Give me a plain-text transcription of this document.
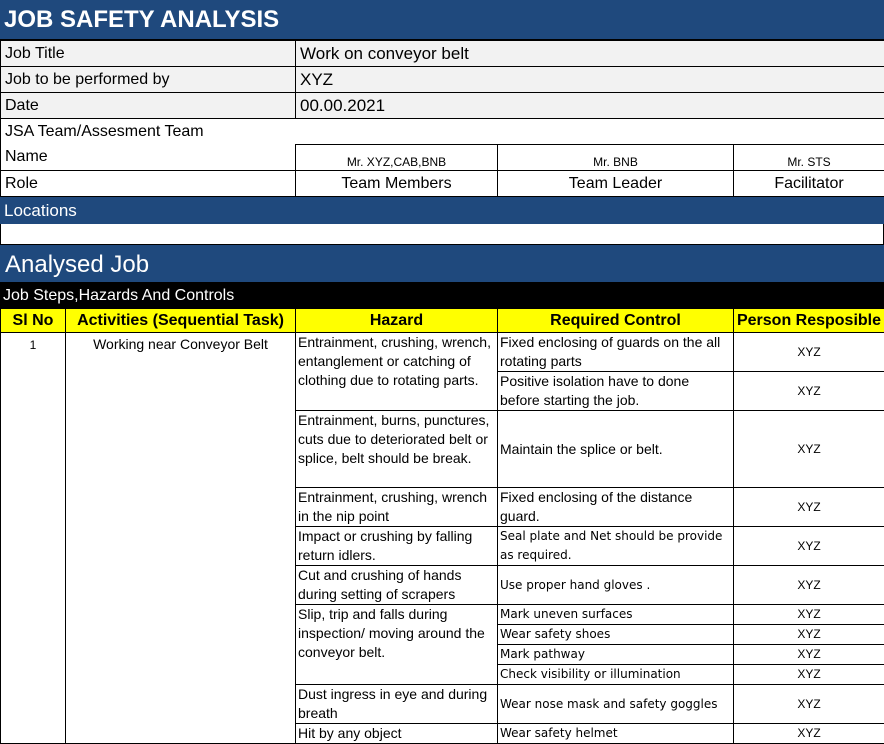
JOB SAFETY ANALYSIS
Job Title	Work on conveyor belt		
Job to be performed by	XYZ		
Date	00.00.2021		
JSA Team/Assesment Team			
Name	Mr. XYZ,CAB,BNB	Mr. BNB	Mr. STS
Role	Team Members	Team Leader	Facilitator
Locations
Analysed Job
Job Steps,Hazards And Controls
Sl No	Activities (Sequential Task)	Hazard	Required Control	Person Resposible
1	Working near Conveyor Belt	Entrainment, crushing, wrench, entanglement or catching of clothing due to rotating parts.	Fixed enclosing of guards on the all rotating parts	XYZ
			Positive isolation have to done before starting the job.	XYZ
		Entrainment, burns, punctures, cuts due to deteriorated belt or splice, belt should be break.	Maintain the splice or belt.	XYZ
		Entrainment, crushing, wrench in the nip point	Fixed enclosing of the distance guard.	XYZ
		Impact or crushing by falling return idlers.	Seal plate and Net should be provide as required.	XYZ
		Cut and crushing of hands during setting of scrapers	Use proper hand gloves .	XYZ
		Slip, trip and falls during inspection/ moving around the conveyor belt.	Mark uneven surfaces	XYZ
			Wear safety shoes	XYZ
			Mark pathway	XYZ
			Check visibility or illumination	XYZ
		Dust ingress in eye and during breath	Wear nose mask and safety goggles	XYZ
		Hit by any object	Wear safety helmet	XYZ
